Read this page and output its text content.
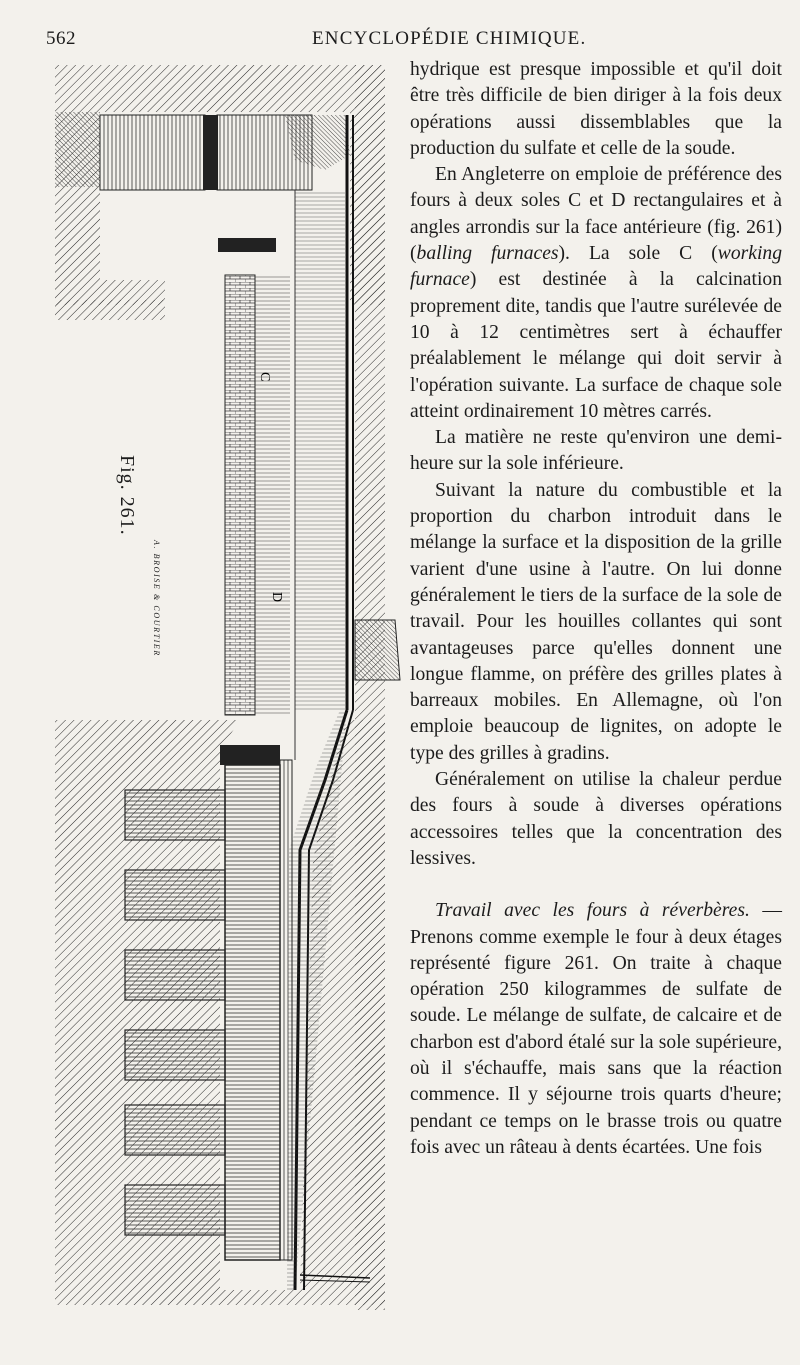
562	ENCYCLOPÉDIE CHIMIQUE.
C
D
Fig. 261.
A. BROISE & COURTIER

hydrique est presque impossible et qu'il doit être très difficile de bien diriger à la fois deux opérations aussi dissemblables que la production du sulfate et celle de la soude.

En Angleterre on emploie de préférence des fours à deux soles C et D rectangulaires et à angles arrondis sur la face antérieure (fig. 261) (balling furnaces). La sole C (working furnace) est destinée à la calcination proprement dite, tandis que l'autre surélevée de 10 à 12 centimètres sert à échauffer préalablement le mélange qui doit servir à l'opération suivante. La surface de chaque sole atteint ordinairement 10 mètres carrés.

La matière ne reste qu'environ une demi-heure sur la sole inférieure.

Suivant la nature du combustible et la proportion du charbon introduit dans le mélange la surface et la disposition de la grille varient d'une usine à l'autre. On lui donne généralement le tiers de la surface de la sole de travail. Pour les houilles collantes qui sont avantageuses parce qu'elles donnent une longue flamme, on préfère des grilles plates à barreaux mobiles. En Allemagne, où l'on emploie beaucoup de lignites, on adopte le type des grilles à gradins.

Généralement on utilise la chaleur perdue des fours à soude à diverses opérations accessoires telles que la concentration des lessives.

Travail avec les fours à réverbères. — Prenons comme exemple le four à deux étages représenté figure 261. On traite à chaque opération 250 kilogrammes de sulfate de soude. Le mélange de sulfate, de calcaire et de charbon est d'abord étalé sur la sole supérieure, où il s'échauffe, mais sans que la réaction commence. Il y séjourne trois quarts d'heure; pendant ce temps on le brasse trois ou quatre fois avec un râteau à dents écartées. Une fois
